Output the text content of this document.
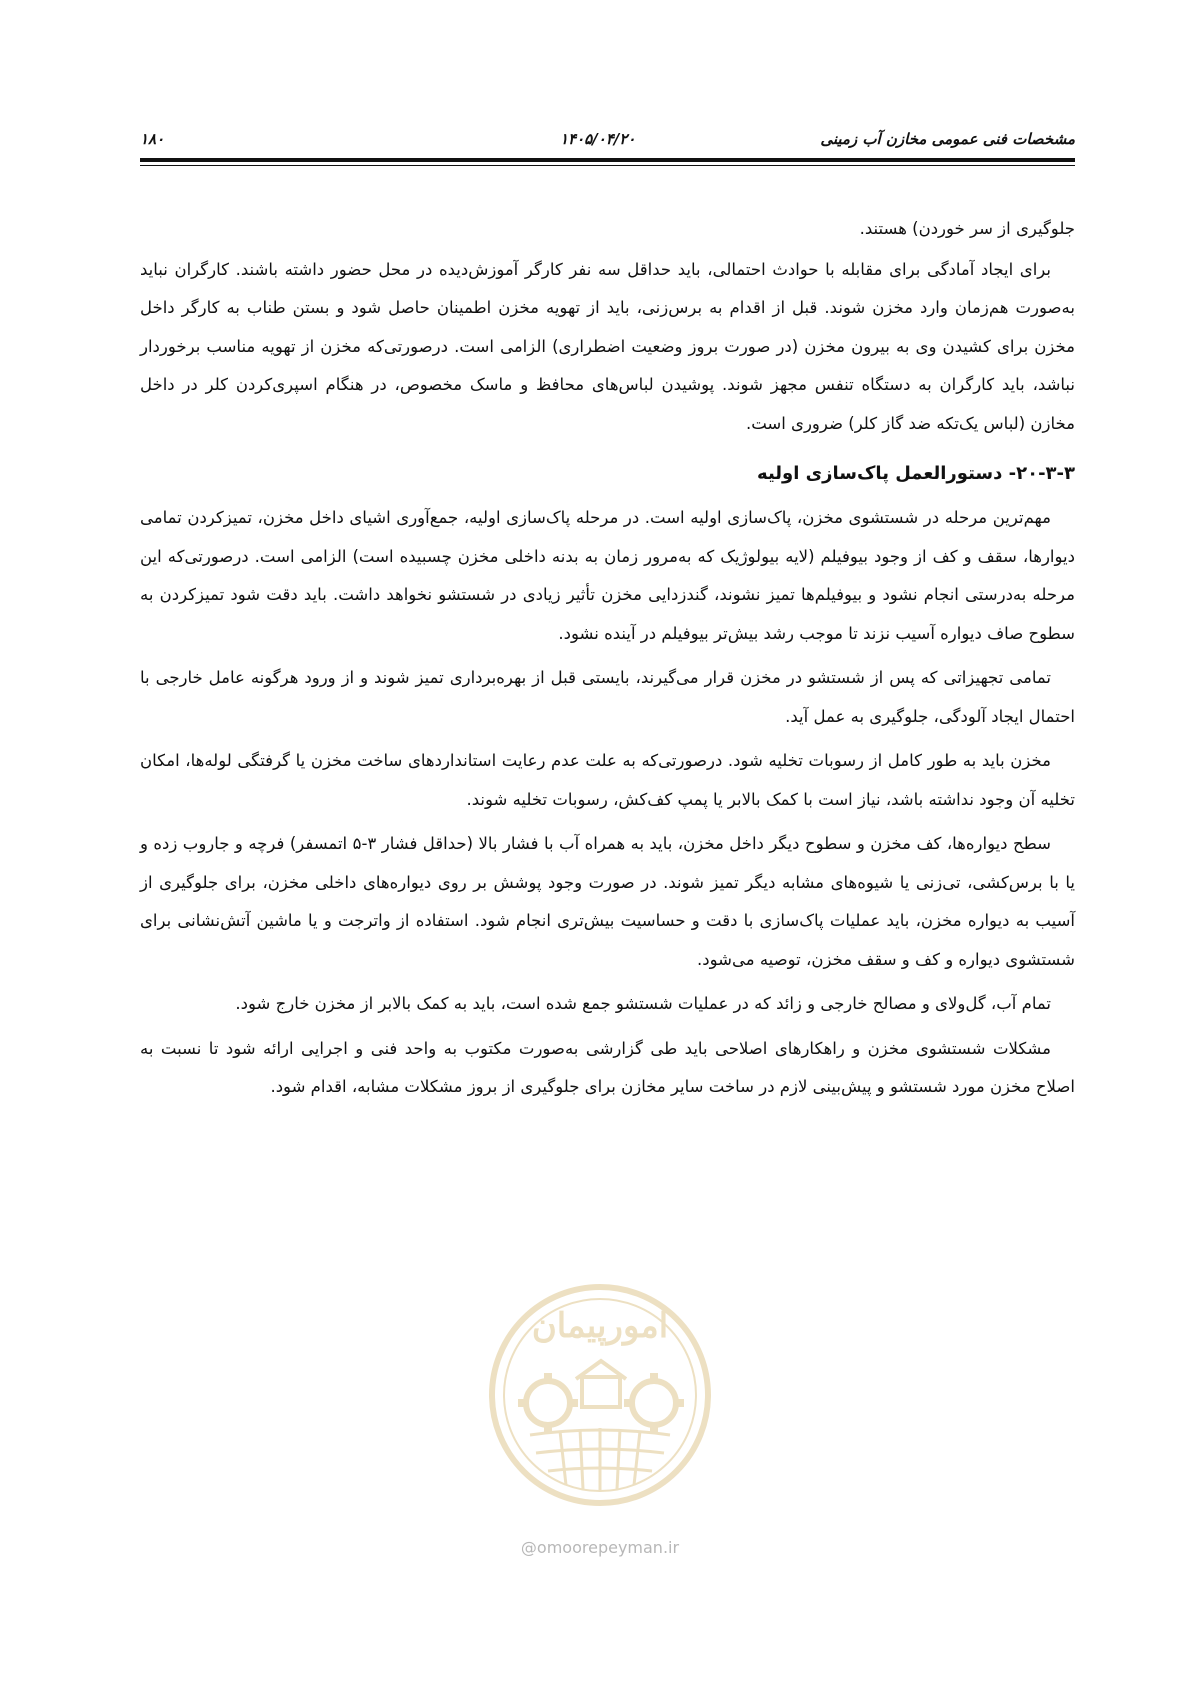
۱۸۰	۱۴۰۵/۰۴/۲۰	مشخصات فنی عمومی مخازن آب زمینی
امورپیمان
@omoorepeyman.ir

جلوگیری از سر خوردن) هستند.

برای ایجاد آمادگی برای مقابله با حوادث احتمالی، باید حداقل سه نفر کارگر آموزش‌دیده در محل حضور داشته باشند. کارگران نباید به‌صورت هم‌زمان وارد مخزن شوند. قبل از اقدام به برس‌زنی، باید از تهویه مخزن اطمینان حاصل شود و بستن طناب به کارگر داخل مخزن برای کشیدن وی به بیرون مخزن (در صورت بروز وضعیت اضطراری) الزامی است. درصورتی‌که مخزن از تهویه مناسب برخوردار نباشد، باید کارگران به دستگاه تنفس مجهز شوند. پوشیدن لباس‌های محافظ و ماسک مخصوص، در هنگام اسپری‌کردن کلر در داخل مخازن (لباس یک‌تکه ضد گاز کلر) ضروری است.

۲۰-۳-۳- دستورالعمل پاک‌سازی اولیه

مهم‌ترین مرحله در شستشوی مخزن، پاک‌سازی اولیه است. در مرحله پاک‌سازی اولیه، جمع‌آوری اشیای داخل مخزن، تمیزکردن تمامی دیوارها، سقف و کف از وجود بیوفیلم (لایه بیولوژیک که به‌مرور زمان به بدنه داخلی مخزن چسبیده است) الزامی است. درصورتی‌که این مرحله به‌درستی انجام نشود و بیوفیلم‌ها تمیز نشوند، گندزدایی مخزن تأثیر زیادی در شستشو نخواهد داشت. باید دقت شود تمیزکردن به سطوح صاف دیواره آسیب نزند تا موجب رشد بیش‌تر بیوفیلم در آینده نشود.

تمامی تجهیزاتی که پس از شستشو در مخزن قرار می‌گیرند، بایستی قبل از بهره‌برداری تمیز شوند و از ورود هرگونه عامل خارجی با احتمال ایجاد آلودگی، جلوگیری به عمل آید.

مخزن باید به طور کامل از رسوبات تخلیه شود. درصورتی‌که به علت عدم رعایت استانداردهای ساخت مخزن یا گرفتگی لوله‌ها، امکان تخلیه آن وجود نداشته باشد، نیاز است با کمک بالابر یا پمپ کف‌کش، رسوبات تخلیه شوند.

سطح دیواره‌ها، کف مخزن و سطوح دیگر داخل مخزن، باید به همراه آب با فشار بالا (حداقل فشار ۳-۵ اتمسفر) فرچه و جاروب زده و یا با برس‌کشی، تی‌زنی یا شیوه‌های مشابه دیگر تمیز شوند. در صورت وجود پوشش بر روی دیواره‌های داخلی مخزن، برای جلوگیری از آسیب به دیواره مخزن، باید عملیات پاک‌سازی با دقت و حساسیت بیش‌تری انجام شود. استفاده از واترجت و یا ماشین آتش‌نشانی برای شستشوی دیواره و کف و سقف مخزن، توصیه می‌شود.

تمام آب، گل‌ولای و مصالح خارجی و زائد که در عملیات شستشو جمع شده است، باید به کمک بالابر از مخزن خارج شود.

مشکلات شستشوی مخزن و راهکارهای اصلاحی باید طی گزارشی به‌صورت مکتوب به واحد فنی و اجرایی ارائه شود تا نسبت به اصلاح مخزن مورد شستشو و پیش‌بینی لازم در ساخت سایر مخازن برای جلوگیری از بروز مشکلات مشابه، اقدام شود.
